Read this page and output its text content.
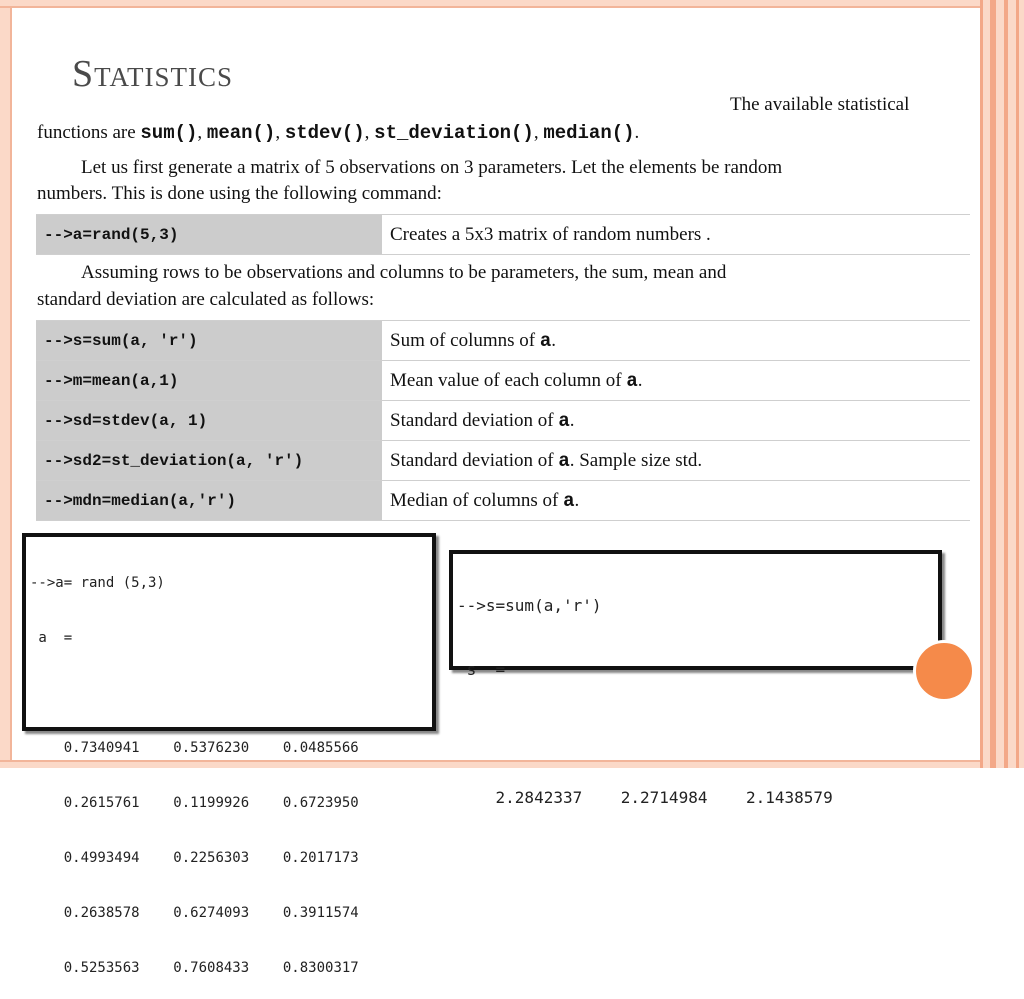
Statistics
The available statistical
functions are sum(), mean(), stdev(), st_deviation(), median().
Let us first generate a matrix of 5 observations on 3 parameters. Let the elements be random
numbers. This is done using the following command:
-->a=rand(5,3)	Creates a 5x3 matrix of random numbers .
Assuming rows to be observations and columns to be parameters, the sum, mean and
standard deviation are calculated as follows:
-->s=sum(a, 'r')	Sum of columns of a.
-->m=mean(a,1)	Mean value of each column of a.
-->sd=stdev(a, 1)	Standard deviation of a.
-->sd2=st_deviation(a, 'r')	Standard deviation of a. Sample size std.
-->mdn=median(a,'r')	Median of columns of a.

-->a= rand (5,3)

a  =

0.7340941 0.5376230 0.0485566

0.2615761 0.1199926 0.6723950

0.4993494 0.2256303 0.2017173

0.2638578 0.6274093 0.3911574

0.5253563 0.7608433 0.8300317

-->s=sum(a,'r')

s  =

2.2842337 2.2714984 2.1438579
